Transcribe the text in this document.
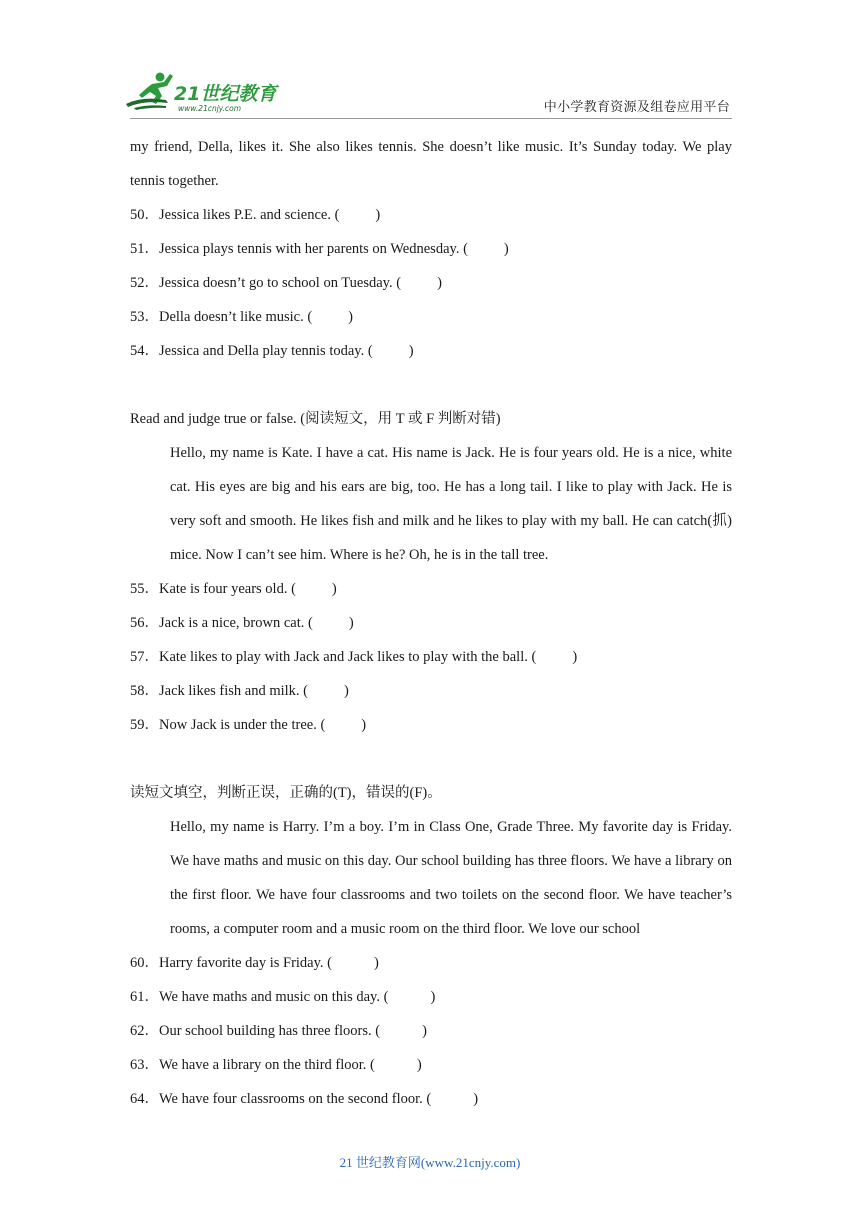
21世纪教育
www.21cnjy.com	中小学教育资源及组卷应用平台
my friend, Della, likes it. She also likes tennis. She doesn’t like music. It’s Sunday today. We play tennis together.
50． Jessica likes P.E. and science. ( )
51． Jessica plays tennis with her parents on Wednesday. ( )
52． Jessica doesn’t go to school on Tuesday. ( )
53． Della doesn’t like music. ( )
54． Jessica and Della play tennis today. ( )
Read and judge true or false. (阅读短文，用 T 或 F 判断对错)
Hello, my name is Kate. I have a cat. His name is Jack. He is four years old. He is a nice, white cat. His eyes are big and his ears are big, too. He has a long tail. I like to play with Jack. He is very soft and smooth. He likes fish and milk and he likes to play with my ball. He can catch(抓) mice. Now I can’t see him. Where is he? Oh, he is in the tall tree.
55． Kate is four years old. ( )
56． Jack is a nice, brown cat. ( )
57． Kate likes to play with Jack and Jack likes to play with the ball. ( )
58． Jack likes fish and milk. ( )
59． Now Jack is under the tree. ( )
读短文填空，判断正误，正确的(T)，错误的(F)。
Hello, my name is Harry. I’m a boy. I’m in Class One, Grade Three. My favorite day is Friday. We have maths and music on this day. Our school building has three floors. We have a library on the first floor. We have four classrooms and two toilets on the second floor. We have teacher’s rooms, a computer room and a music room on the third floor. We love our school
60． Harry favorite day is Friday. (	)
61． We have maths and music on this day. (	)
62． Our school building has three floors. (	)
63． We have a library on the third floor. (	)
64． We have four classrooms on the second floor. (	)
21 世纪教育网(www.21cnjy.com)
